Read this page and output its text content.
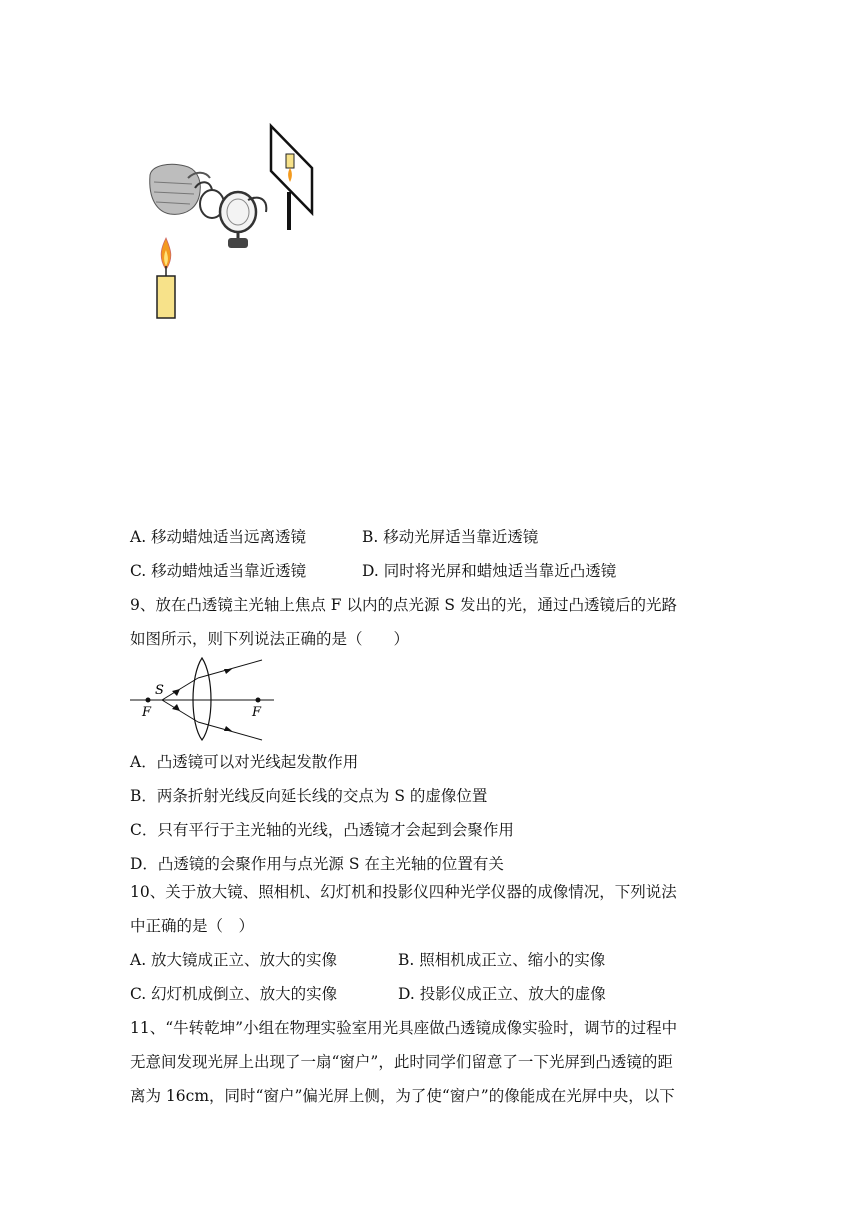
A. 移动蜡烛适当远离透镜	B. 移动光屏适当靠近透镜
C. 移动蜡烛适当靠近透镜	D. 同时将光屏和蜡烛适当靠近凸透镜
9、放在凸透镜主光轴上焦点 F 以内的点光源 S 发出的光，通过凸透镜后的光路
如图所示，则下列说法正确的是（　　）
S
F	F
A．凸透镜可以对光线起发散作用
B．两条折射光线反向延长线的交点为 S 的虚像位置
C．只有平行于主光轴的光线，凸透镜才会起到会聚作用
D．凸透镜的会聚作用与点光源 S 在主光轴的位置有关
10、关于放大镜、照相机、幻灯机和投影仪四种光学仪器的成像情况，下列说法
中正确的是（　）
A. 放大镜成正立、放大的实像	B. 照相机成正立、缩小的实像
C. 幻灯机成倒立、放大的实像	D. 投影仪成正立、放大的虚像
11、“牛转乾坤”小组在物理实验室用光具座做凸透镜成像实验时，调节的过程中
无意间发现光屏上出现了一扇“窗户”，此时同学们留意了一下光屏到凸透镜的距
离为 16cm，同时“窗户”偏光屏上侧，为了使“窗户”的像能成在光屏中央，以下
